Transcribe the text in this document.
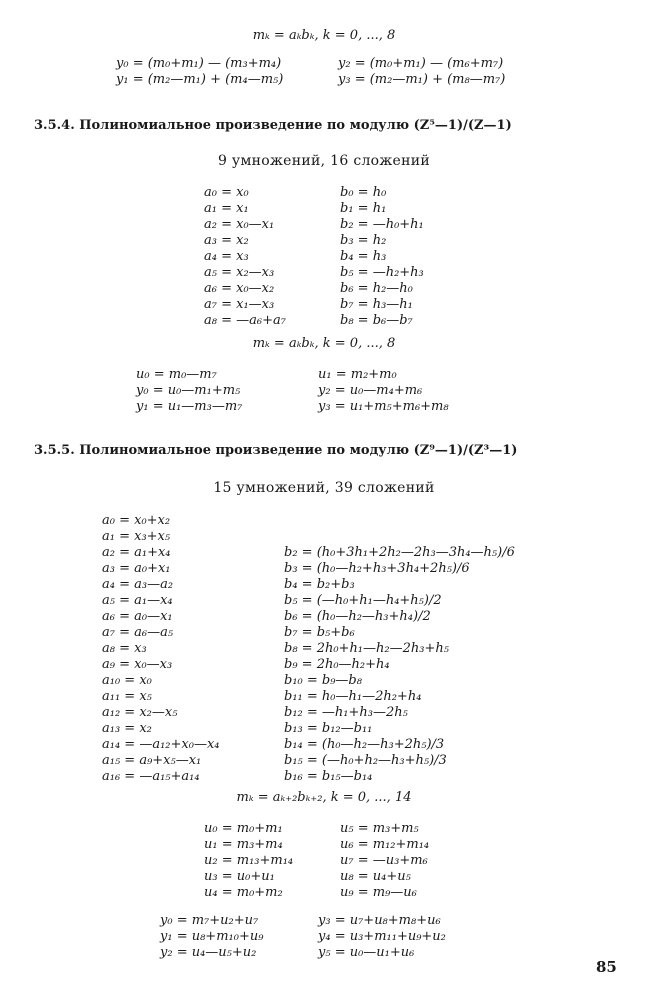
mₖ = aₖbₖ, k = 0, ..., 8
y₀ = (m₀+m₁) — (m₃+m₄)
y₁ = (m₂—m₁) + (m₄—m₅)
y₂ = (m₀+m₁) — (m₆+m₇)
y₃ = (m₂—m₁) + (m₈—m₇)
3.5.4. Полиномиальное произведение по модулю (Z⁵—1)/(Z—1)
9 умножений, 16 сложений
a₀ = x₀
a₁ = x₁
a₂ = x₀—x₁
a₃ = x₂
a₄ = x₃
a₅ = x₂—x₃
a₆ = x₀—x₂
a₇ = x₁—x₃
a₈ = —a₆+a₇
b₀ = h₀
b₁ = h₁
b₂ = —h₀+h₁
b₃ = h₂
b₄ = h₃
b₅ = —h₂+h₃
b₆ = h₂—h₀
b₇ = h₃—h₁
b₈ = b₆—b₇
mₖ = aₖbₖ, k = 0, ..., 8
u₀ = m₀—m₇
y₀ = u₀—m₁+m₅
y₁ = u₁—m₃—m₇
u₁ = m₂+m₀
y₂ = u₀—m₄+m₆
y₃ = u₁+m₅+m₆+m₈
3.5.5. Полиномиальное произведение по модулю (Z⁹—1)/(Z³—1)
15 умножений, 39 сложений
a₀ = x₀+x₂
a₁ = x₃+x₅
a₂ = a₁+x₄
a₃ = a₀+x₁
a₄ = a₃—a₂
a₅ = a₁—x₄
a₆ = a₀—x₁
a₇ = a₆—a₅
a₈ = x₃
a₉ = x₀—x₃
a₁₀ = x₀
a₁₁ = x₅
a₁₂ = x₂—x₅
a₁₃ = x₂
a₁₄ = —a₁₂+x₀—x₄
a₁₅ = a₉+x₅—x₁
a₁₆ = —a₁₅+a₁₄
b₂ = (h₀+3h₁+2h₂—2h₃—3h₄—h₅)/6
b₃ = (h₀—h₂+h₃+3h₄+2h₅)/6
b₄ = b₂+b₃
b₅ = (—h₀+h₁—h₄+h₅)/2
b₆ = (h₀—h₂—h₃+h₄)/2
b₇ = b₅+b₆
b₈ = 2h₀+h₁—h₂—2h₃+h₅
b₉ = 2h₀—h₂+h₄
b₁₀ = b₉—b₈
b₁₁ = h₀—h₁—2h₂+h₄
b₁₂ = —h₁+h₃—2h₅
b₁₃ = b₁₂—b₁₁
b₁₄ = (h₀—h₂—h₃+2h₅)/3
b₁₅ = (—h₀+h₂—h₃+h₅)/3
b₁₆ = b₁₅—b₁₄
mₖ = aₖ₊₂bₖ₊₂, k = 0, ..., 14
u₀ = m₀+m₁
u₁ = m₃+m₄
u₂ = m₁₃+m₁₄
u₃ = u₀+u₁
u₄ = m₀+m₂
u₅ = m₃+m₅
u₆ = m₁₂+m₁₄
u₇ = —u₃+m₆
u₈ = u₄+u₅
u₉ = m₉—u₆
y₀ = m₇+u₂+u₇
y₁ = u₈+m₁₀+u₉
y₂ = u₄—u₅+u₂
y₃ = u₇+u₈+m₈+u₆
y₄ = u₃+m₁₁+u₉+u₂
y₅ = u₀—u₁+u₆
85
